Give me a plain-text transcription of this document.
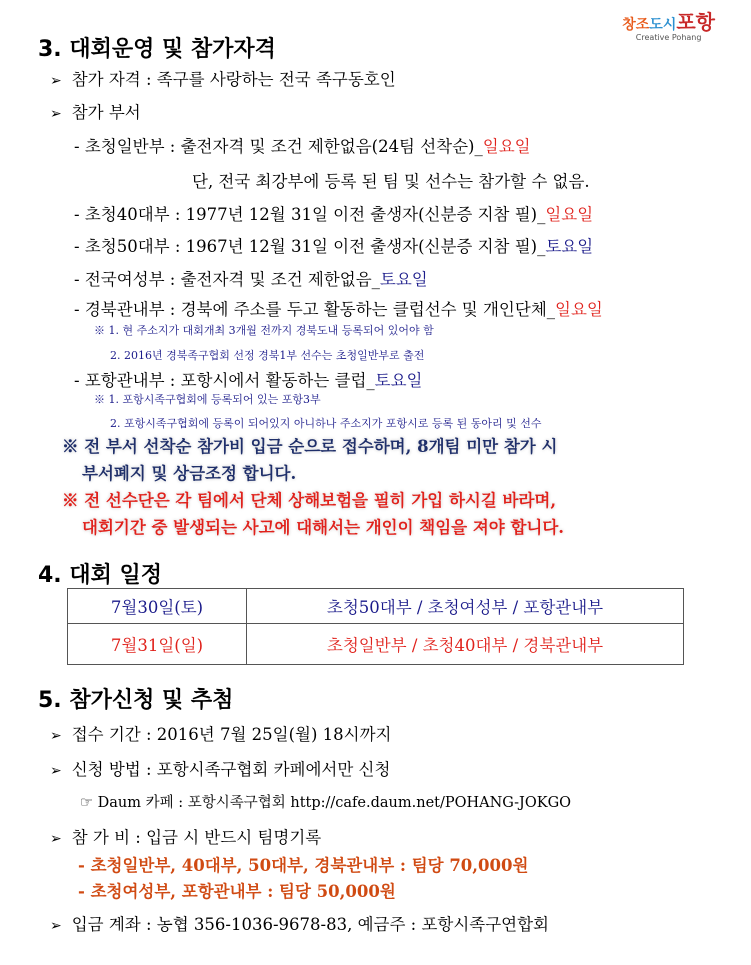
창조도시포항
Creative Pohang
3. 대회운영 및 참가자격
➢ 참가 자격 : 족구를 사랑하는 전국 족구동호인
➢ 참가 부서
- 초청일반부 : 출전자격 및 조건 제한없음(24팀 선착순)_일요일
단, 전국 최강부에 등록 된 팀 및 선수는 참가할 수 없음.
- 초청40대부 : 1977년 12월 31일 이전 출생자(신분증 지참 필)_일요일
- 초청50대부 : 1967년 12월 31일 이전 출생자(신분증 지참 필)_토요일
- 전국여성부 : 출전자격 및 조건 제한없음_토요일
- 경북관내부 : 경북에 주소를 두고 활동하는 클럽선수 및 개인단체_일요일
※ 1. 현 주소지가 대회개최 3개월 전까지 경북도내 등록되어 있어야 함
2. 2016년 경북족구협회 선정 경북1부 선수는 초청일반부로 출전
- 포항관내부 : 포항시에서 활동하는 클럽_토요일
※ 1. 포항시족구협회에 등록되어 있는 포항3부
2. 포항시족구협회에 등록이 되어있지 아니하나 주소지가 포항시로 등록 된 동아리 및 선수
※ 전 부서 선착순 참가비 입금 순으로 접수하며, 8개팀 미만 참가 시
부서폐지 및 상금조정 합니다.
※ 전 선수단은 각 팀에서 단체 상해보험을 필히 가입 하시길 바라며,
대회기간 중 발생되는 사고에 대해서는 개인이 책임을 져야 합니다.
4. 대회 일정
7월30일(토)	초청50대부 / 초청여성부 / 포항관내부
7월31일(일)	초청일반부 / 초청40대부 / 경북관내부
5. 참가신청 및 추첨
➢ 접수 기간 : 2016년 7월 25일(월) 18시까지
➢ 신청 방법 : 포항시족구협회 카페에서만 신청
☞ Daum 카페 : 포항시족구협회 http://cafe.daum.net/POHANG-JOKGO
➢ 참 가 비 : 입금 시 반드시 팀명기록
- 초청일반부, 40대부, 50대부, 경북관내부 : 팀당 70,000원
- 초청여성부, 포항관내부 : 팀당 50,000원
➢ 입금 계좌 : 농협 356-1036-9678-83, 예금주 : 포항시족구연합회
